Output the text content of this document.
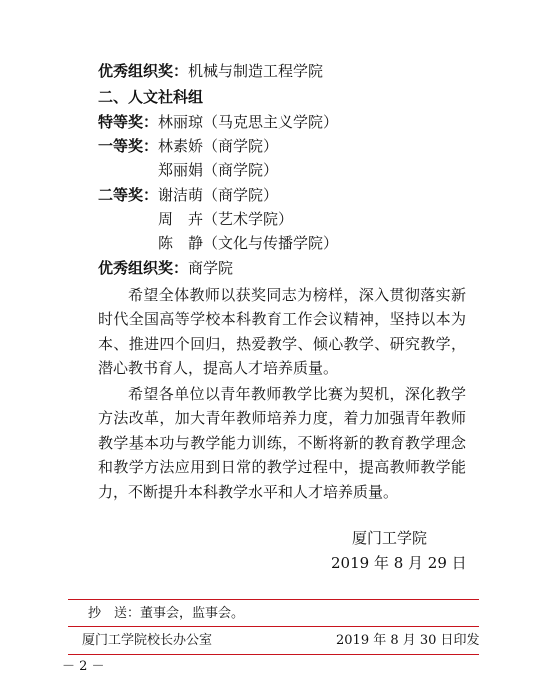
优秀组织奖：机械与制造工程学院
二、人文社科组
特等奖：林丽琼（马克思主义学院）
一等奖：林素娇（商学院）
郑丽娟（商学院）
二等奖：谢洁萌（商学院）
周　卉（艺术学院）
陈　静（文化与传播学院）
优秀组织奖：商学院
希望全体教师以获奖同志为榜样，深入贯彻落实新时代全国高等学校本科教育工作会议精神，坚持以本为本、推进四个回归，热爱教学、倾心教学、研究教学，潜心教书育人，提高人才培养质量。
希望各单位以青年教师教学比赛为契机，深化教学方法改革，加大青年教师培养力度，着力加强青年教师教学基本功与教学能力训练，不断将新的教育教学理念和教学方法应用到日常的教学过程中，提高教师教学能力，不断提升本科教学水平和人才培养质量。
厦门工学院
2019 年 8 月 29 日
抄　送：董事会，监事会。
厦门工学院校长办公室	2019 年 8 月 30 日印发
－ 2 －
